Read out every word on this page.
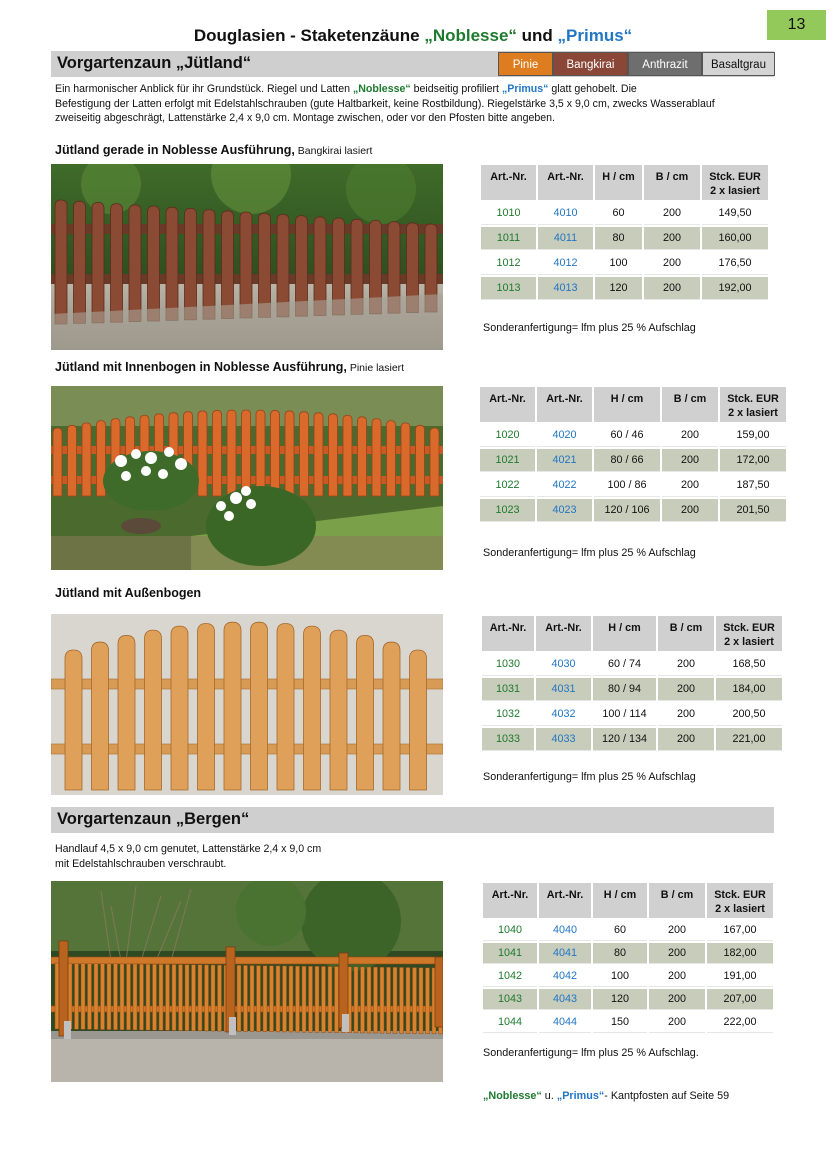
13
Douglasien - Staketenzäune „Noblesse“ und „Primus“
Vorgartenzaun „Jütland“	Pinie	Bangkirai	Anthrazit	Basaltgrau
Ein harmonischer Anblick für ihr Grundstück. Riegel und Latten „Noblesse“ beidseitig profiliert „Primus“ glatt gehobelt. Die
Befestigung der Latten erfolgt mit Edelstahlschrauben (gute Haltbarkeit, keine Rostbildung). Riegelstärke 3,5 x 9,0 cm, zwecks Wasserablauf
zweiseitig abgeschrägt, Lattenstärke 2,4 x 9,0 cm. Montage zwischen, oder vor den Pfosten bitte angeben.
Jütland gerade in Noblesse Ausführung, Bangkirai lasiert
Art.-Nr.	Art.-Nr.	H / cm	B / cm	Stck. EUR
2 x lasiert
1010	4010	60	200	149,50
1011	4011	80	200	160,00
1012	4012	100	200	176,50
1013	4013	120	200	192,00
Sonderanfertigung= lfm plus 25 % Aufschlag
Jütland mit Innenbogen in Noblesse Ausführung, Pinie lasiert
Art.-Nr.	Art.-Nr.	H / cm	B / cm	Stck. EUR
2 x lasiert
1020	4020	60 / 46	200	159,00
1021	4021	80 / 66	200	172,00
1022	4022	100 / 86	200	187,50
1023	4023	120 / 106	200	201,50
Sonderanfertigung= lfm plus 25 % Aufschlag
Jütland mit Außenbogen
Art.-Nr.	Art.-Nr.	H / cm	B / cm	Stck. EUR
2 x lasiert
1030	4030	60 / 74	200	168,50
1031	4031	80 / 94	200	184,00
1032	4032	100 / 114	200	200,50
1033	4033	120 / 134	200	221,00
Sonderanfertigung= lfm plus 25 % Aufschlag
Vorgartenzaun „Bergen“
Handlauf 4,5 x 9,0 cm genutet, Lattenstärke 2,4 x 9,0 cm
mit Edelstahlschrauben verschraubt.
Art.-Nr.	Art.-Nr.	H / cm	B / cm	Stck. EUR
2 x lasiert
1040	4040	60	200	167,00
1041	4041	80	200	182,00
1042	4042	100	200	191,00
1043	4043	120	200	207,00
1044	4044	150	200	222,00
Sonderanfertigung= lfm plus 25 % Aufschlag.
„Noblesse“ u. „Primus“- Kantpfosten auf Seite 59
